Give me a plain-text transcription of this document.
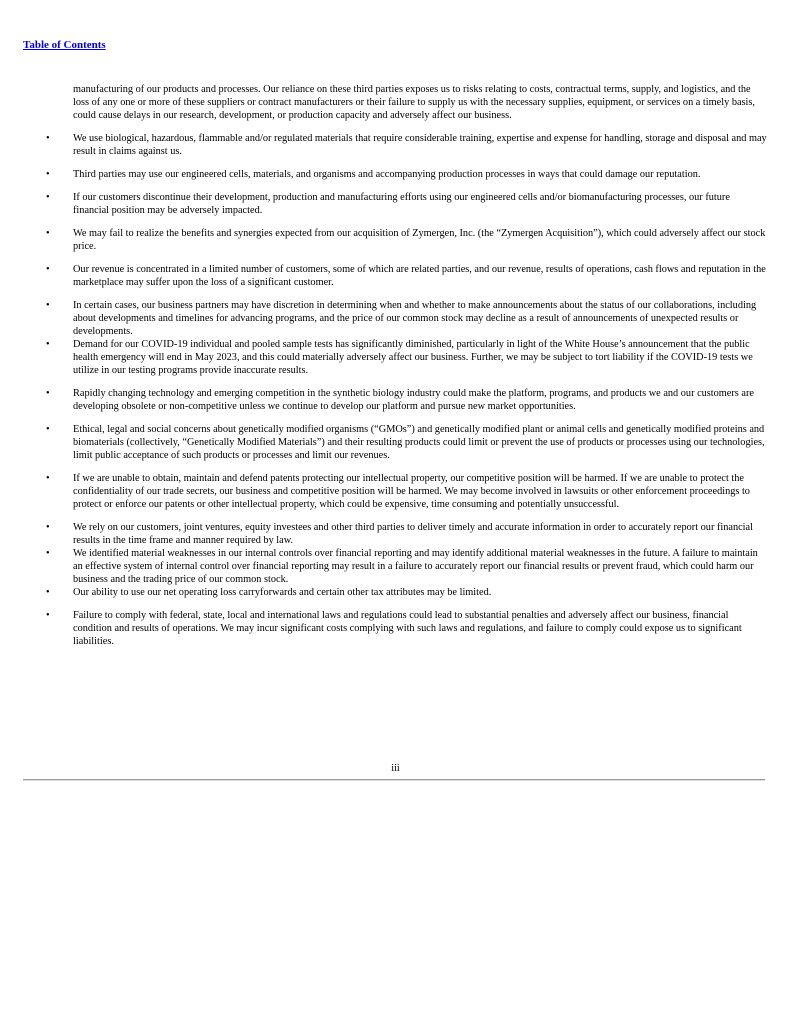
Table of Contents

manufacturing of our products and processes. Our reliance on these third parties exposes us to risks relating to costs, contractual terms, supply, and logistics, and the loss of any one or more of these suppliers or contract manufacturers or their failure to supply us with the necessary supplies, equipment, or services on a timely basis, could cause delays in our research, development, or production capacity and adversely affect our business.

• We use biological, hazardous, flammable and/or regulated materials that require considerable training, expertise and expense for handling, storage and disposal and may result in claims against us.
• Third parties may use our engineered cells, materials, and organisms and accompanying production processes in ways that could damage our reputation.
• If our customers discontinue their development, production and manufacturing efforts using our engineered cells and/or biomanufacturing processes, our future financial position may be adversely impacted.
• We may fail to realize the benefits and synergies expected from our acquisition of Zymergen, Inc. (the “Zymergen Acquisition”), which could adversely affect our stock price.
• Our revenue is concentrated in a limited number of customers, some of which are related parties, and our revenue, results of operations, cash flows and reputation in the marketplace may suffer upon the loss of a significant customer.
• In certain cases, our business partners may have discretion in determining when and whether to make announcements about the status of our collaborations, including about developments and timelines for advancing programs, and the price of our common stock may decline as a result of announcements of unexpected results or developments.
• Demand for our COVID-19 individual and pooled sample tests has significantly diminished, particularly in light of the White House’s announcement that the public health emergency will end in May 2023, and this could materially adversely affect our business. Further, we may be subject to tort liability if the COVID-19 tests we utilize in our testing programs provide inaccurate results.
• Rapidly changing technology and emerging competition in the synthetic biology industry could make the platform, programs, and products we and our customers are developing obsolete or non-competitive unless we continue to develop our platform and pursue new market opportunities.
• Ethical, legal and social concerns about genetically modified organisms (“GMOs”) and genetically modified plant or animal cells and genetically modified proteins and biomaterials (collectively, “Genetically Modified Materials”) and their resulting products could limit or prevent the use of products or processes using our technologies, limit public acceptance of such products or processes and limit our revenues.
• If we are unable to obtain, maintain and defend patents protecting our intellectual property, our competitive position will be harmed. If we are unable to protect the confidentiality of our trade secrets, our business and competitive position will be harmed. We may become involved in lawsuits or other enforcement proceedings to protect or enforce our patents or other intellectual property, which could be expensive, time consuming and potentially unsuccessful.
• We rely on our customers, joint ventures, equity investees and other third parties to deliver timely and accurate information in order to accurately report our financial results in the time frame and manner required by law.
• We identified material weaknesses in our internal controls over financial reporting and may identify additional material weaknesses in the future. A failure to maintain an effective system of internal control over financial reporting may result in a failure to accurately report our financial results or prevent fraud, which could harm our business and the trading price of our common stock.
• Our ability to use our net operating loss carryforwards and certain other tax attributes may be limited.
• Failure to comply with federal, state, local and international laws and regulations could lead to substantial penalties and adversely affect our business, financial condition and results of operations. We may incur significant costs complying with such laws and regulations, and failure to comply could expose us to significant liabilities.
iii
